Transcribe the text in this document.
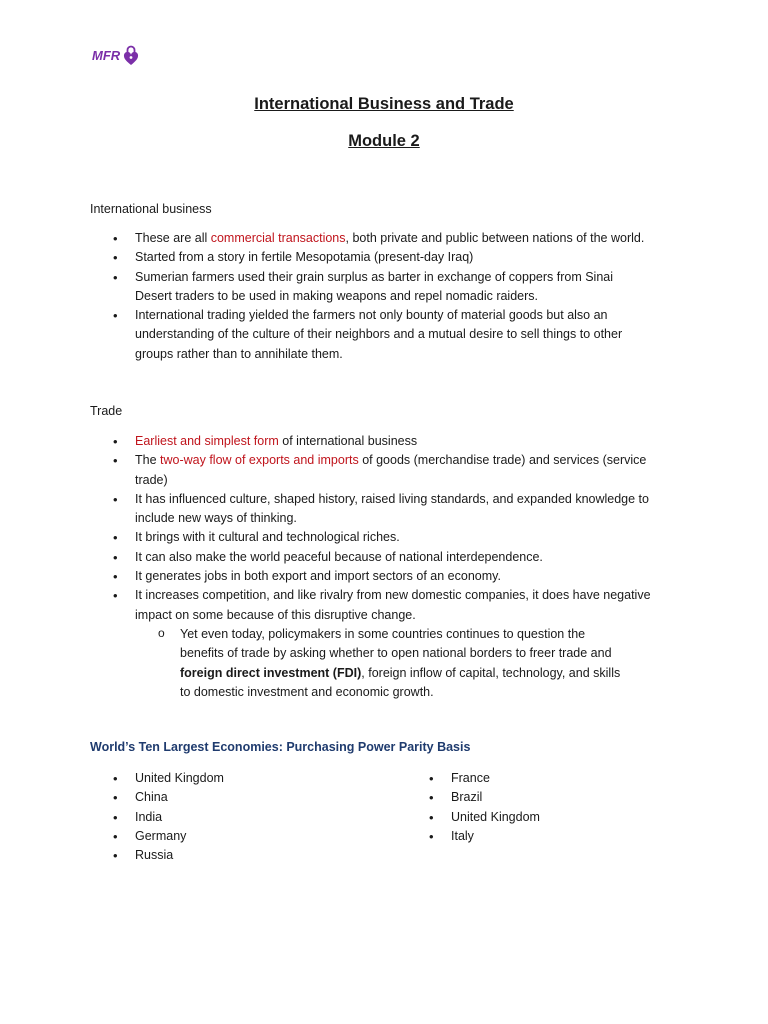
MFR
International Business and Trade
Module 2
International business
• These are all commercial transactions, both private and public between nations of the world.
• Started from a story in fertile Mesopotamia (present-day Iraq)
• Sumerian farmers used their grain surplus as barter in exchange of coppers from Sinai Desert traders to be used in making weapons and repel nomadic raiders.
• International trading yielded the farmers not only bounty of material goods but also an understanding of the culture of their neighbors and a mutual desire to sell things to other groups rather than to annihilate them.
Trade
• Earliest and simplest form of international business
• The two-way flow of exports and imports of goods (merchandise trade) and services (service trade)
• It has influenced culture, shaped history, raised living standards, and expanded knowledge to include new ways of thinking.
• It brings with it cultural and technological riches.
• It can also make the world peaceful because of national interdependence.
• It generates jobs in both export and import sectors of an economy.
• It increases competition, and like rivalry from new domestic companies, it does have negative impact on some because of this disruptive change.
o Yet even today, policymakers in some countries continues to question the benefits of trade by asking whether to open national borders to freer trade and foreign direct investment (FDI), foreign inflow of capital, technology, and skills to domestic investment and economic growth.
World’s Ten Largest Economies: Purchasing Power Parity Basis
• United Kingdom
• China
• India
• Germany
• Russia
• France
• Brazil
• United Kingdom
• Italy
